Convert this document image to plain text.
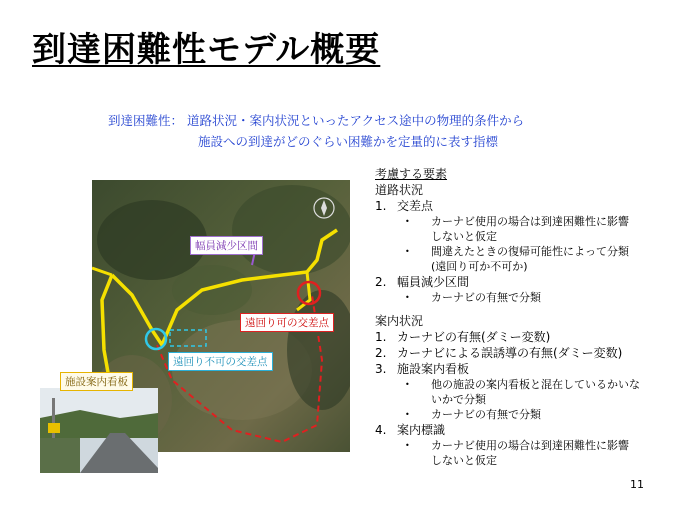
到達困難性モデル概要
到達困難性： 道路状況・案内状況といったアクセス途中の物理的条件から
施設への到達がどのぐらい困難かを定量的に表す指標
幅員減少区間
遠回り可の交差点
遠回り不可の交差点
施設案内看板
考慮する要素
道路状況
1. 交差点
•	カーナビ使用の場合は到達困難性に影響
しないと仮定
•	間違えたときの復帰可能性によって分類
(遠回り可か不可か)
2. 幅員減少区間
•	カーナビの有無で分類
案内状況
1. カーナビの有無(ダミー変数)
2. カーナビによる誤誘導の有無(ダミー変数)
3. 施設案内看板
•	他の施設の案内看板と混在しているかいな
いかで分類
•	カーナビの有無で分類
4. 案内標識
•	カーナビ使用の場合は到達困難性に影響
しないと仮定
11
